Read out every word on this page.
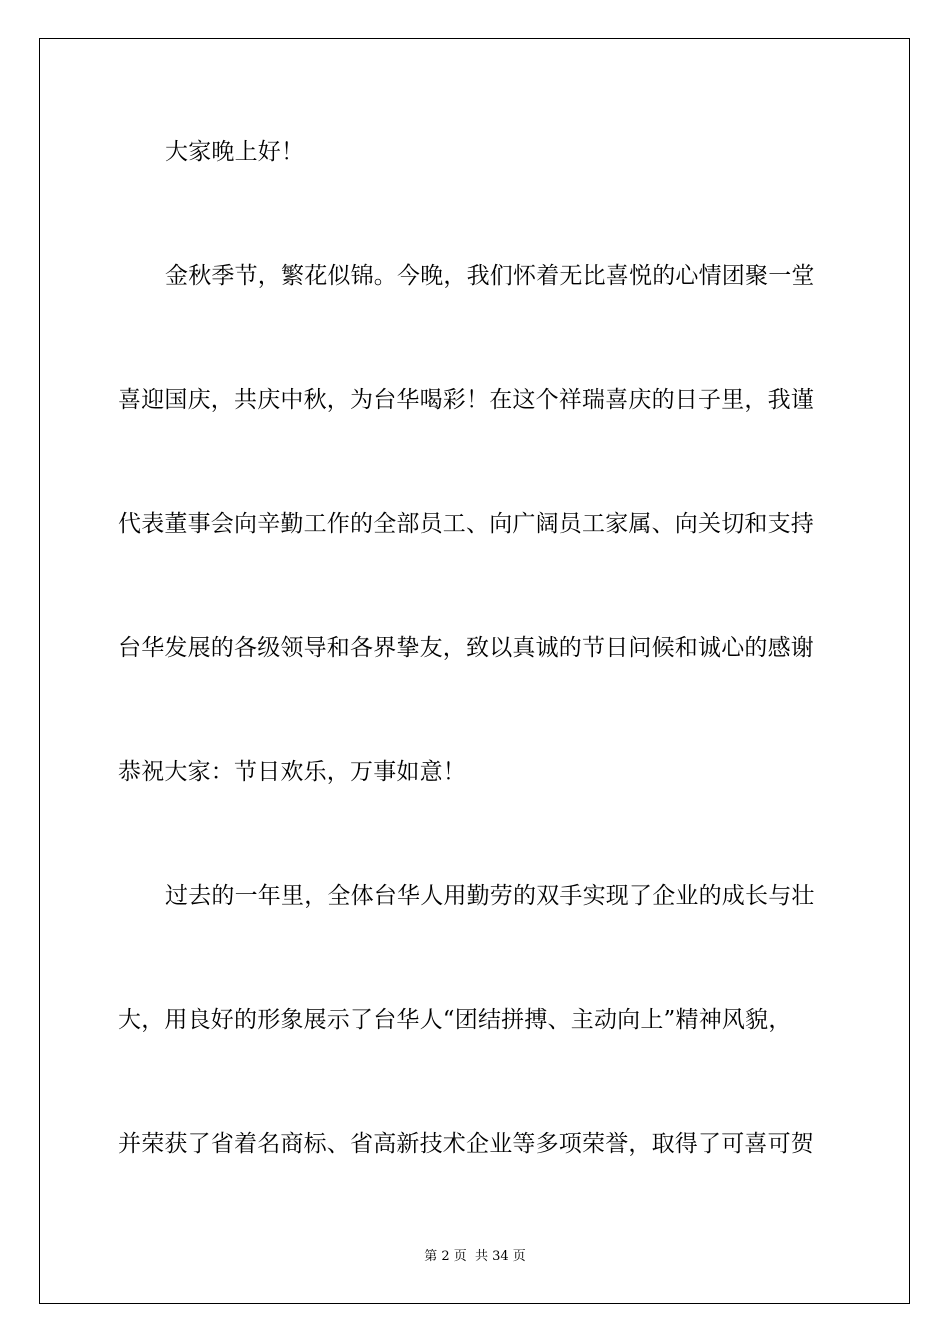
大家晚上好！
金秋季节，繁花似锦。今晚，我们怀着无比喜悦的心情团聚一堂
喜迎国庆，共庆中秋，为台华喝彩！在这个祥瑞喜庆的日子里，我谨
代表董事会向辛勤工作的全部员工、向广阔员工家属、向关切和支持
台华发展的各级领导和各界挚友，致以真诚的节日问候和诚心的感谢
恭祝大家：节日欢乐，万事如意！
过去的一年里，全体台华人用勤劳的双手实现了企业的成长与壮
大，用良好的形象展示了台华人“团结拼搏、主动向上”精神风貌，
并荣获了省着名商标、省高新技术企业等多项荣誉，取得了可喜可贺
第 2 页  共 34 页
